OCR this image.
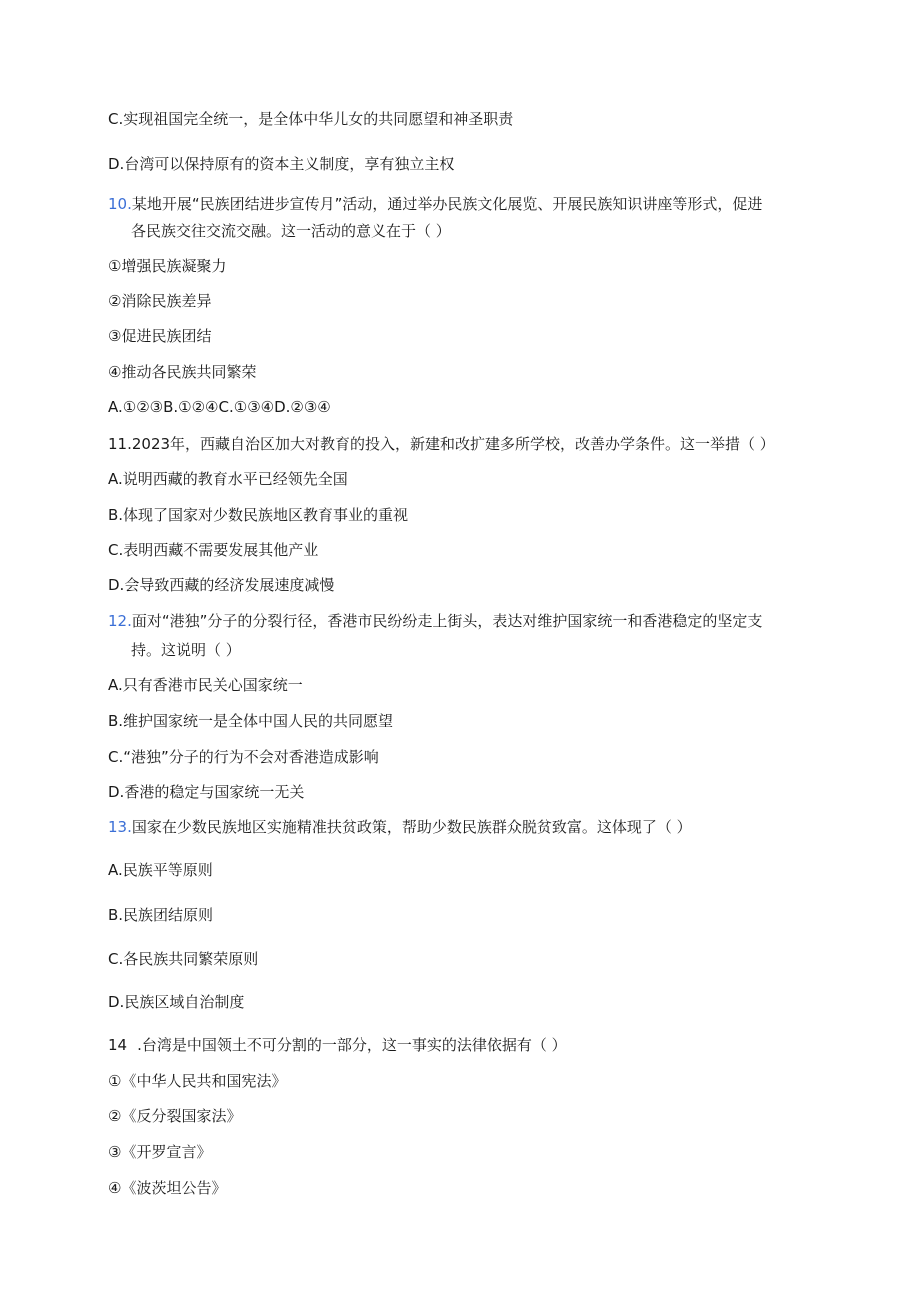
C.实现祖国完全统一，是全体中华儿女的共同愿望和神圣职责
D.台湾可以保持原有的资本主义制度，享有独立主权
10.某地开展“民族团结进步宣传月”活动，通过举办民族文化展览、开展民族知识讲座等形式，促进
各民族交往交流交融。这一活动的意义在于（ ）
①增强民族凝聚力
②消除民族差异
③促进民族团结
④推动各民族共同繁荣
A.①②③B.①②④C.①③④D.②③④
11.2023年，西藏自治区加大对教育的投入，新建和改扩建多所学校，改善办学条件。这一举措（ ）
A.说明西藏的教育水平已经领先全国
B.体现了国家对少数民族地区教育事业的重视
C.表明西藏不需要发展其他产业
D.会导致西藏的经济发展速度减慢
12.面对“港独”分子的分裂行径，香港市民纷纷走上街头，表达对维护国家统一和香港稳定的坚定支
持。这说明（ ）
A.只有香港市民关心国家统一
B.维护国家统一是全体中国人民的共同愿望
C.“港独”分子的行为不会对香港造成影响
D.香港的稳定与国家统一无关
13.国家在少数民族地区实施精准扶贫政策，帮助少数民族群众脱贫致富。这体现了（ ）
A.民族平等原则
B.民族团结原则
C.各民族共同繁荣原则
D.民族区域自治制度
14 .台湾是中国领土不可分割的一部分，这一事实的法律依据有（ ）
①《中华人民共和国宪法》
②《反分裂国家法》
③《开罗宣言》
④《波茨坦公告》
